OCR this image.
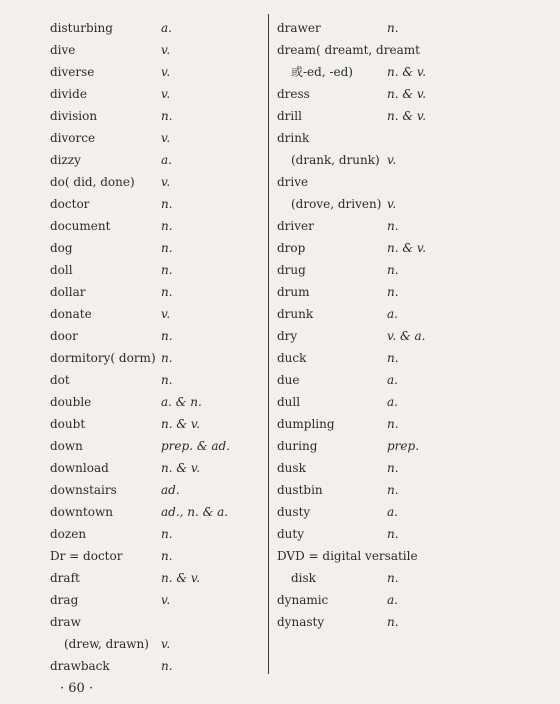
disturbing	a.
dive	v.
diverse	v.
divide	v.
division	n.
divorce	v.
dizzy	a.
do( did, done) v.
doctor	n.
document	n.
dog	n.
doll	n.
dollar	n.
donate	v.
door	n.
dormitory( dorm) n.
dot	n.
double	a. & n.
doubt	n. & v.
down	prep. & ad.
download	n. & v.
downstairs	ad.
downtown	ad., n. & a.
dozen	n.
Dr = doctor	n.
draft	n. & v.
drag	v.
draw
(drew, drawn) v.
drawback	n.
drawer	n.
dream( dreamt, dreamt
或-ed, -ed)	n. & v.
dress	n. & v.
drill	n. & v.
drink
(drank, drunk) v.
drive
(drove, driven) v.
driver	n.
drop	n. & v.
drug	n.
drum	n.
drunk	a.
dry	v. & a.
duck	n.
due	a.
dull	a.
dumpling	n.
during	prep.
dusk	n.
dustbin	n.
dusty	a.
duty	n.
DVD = digital versatile
disk	n.
dynamic	a.
dynasty	n.
· 60 ·
